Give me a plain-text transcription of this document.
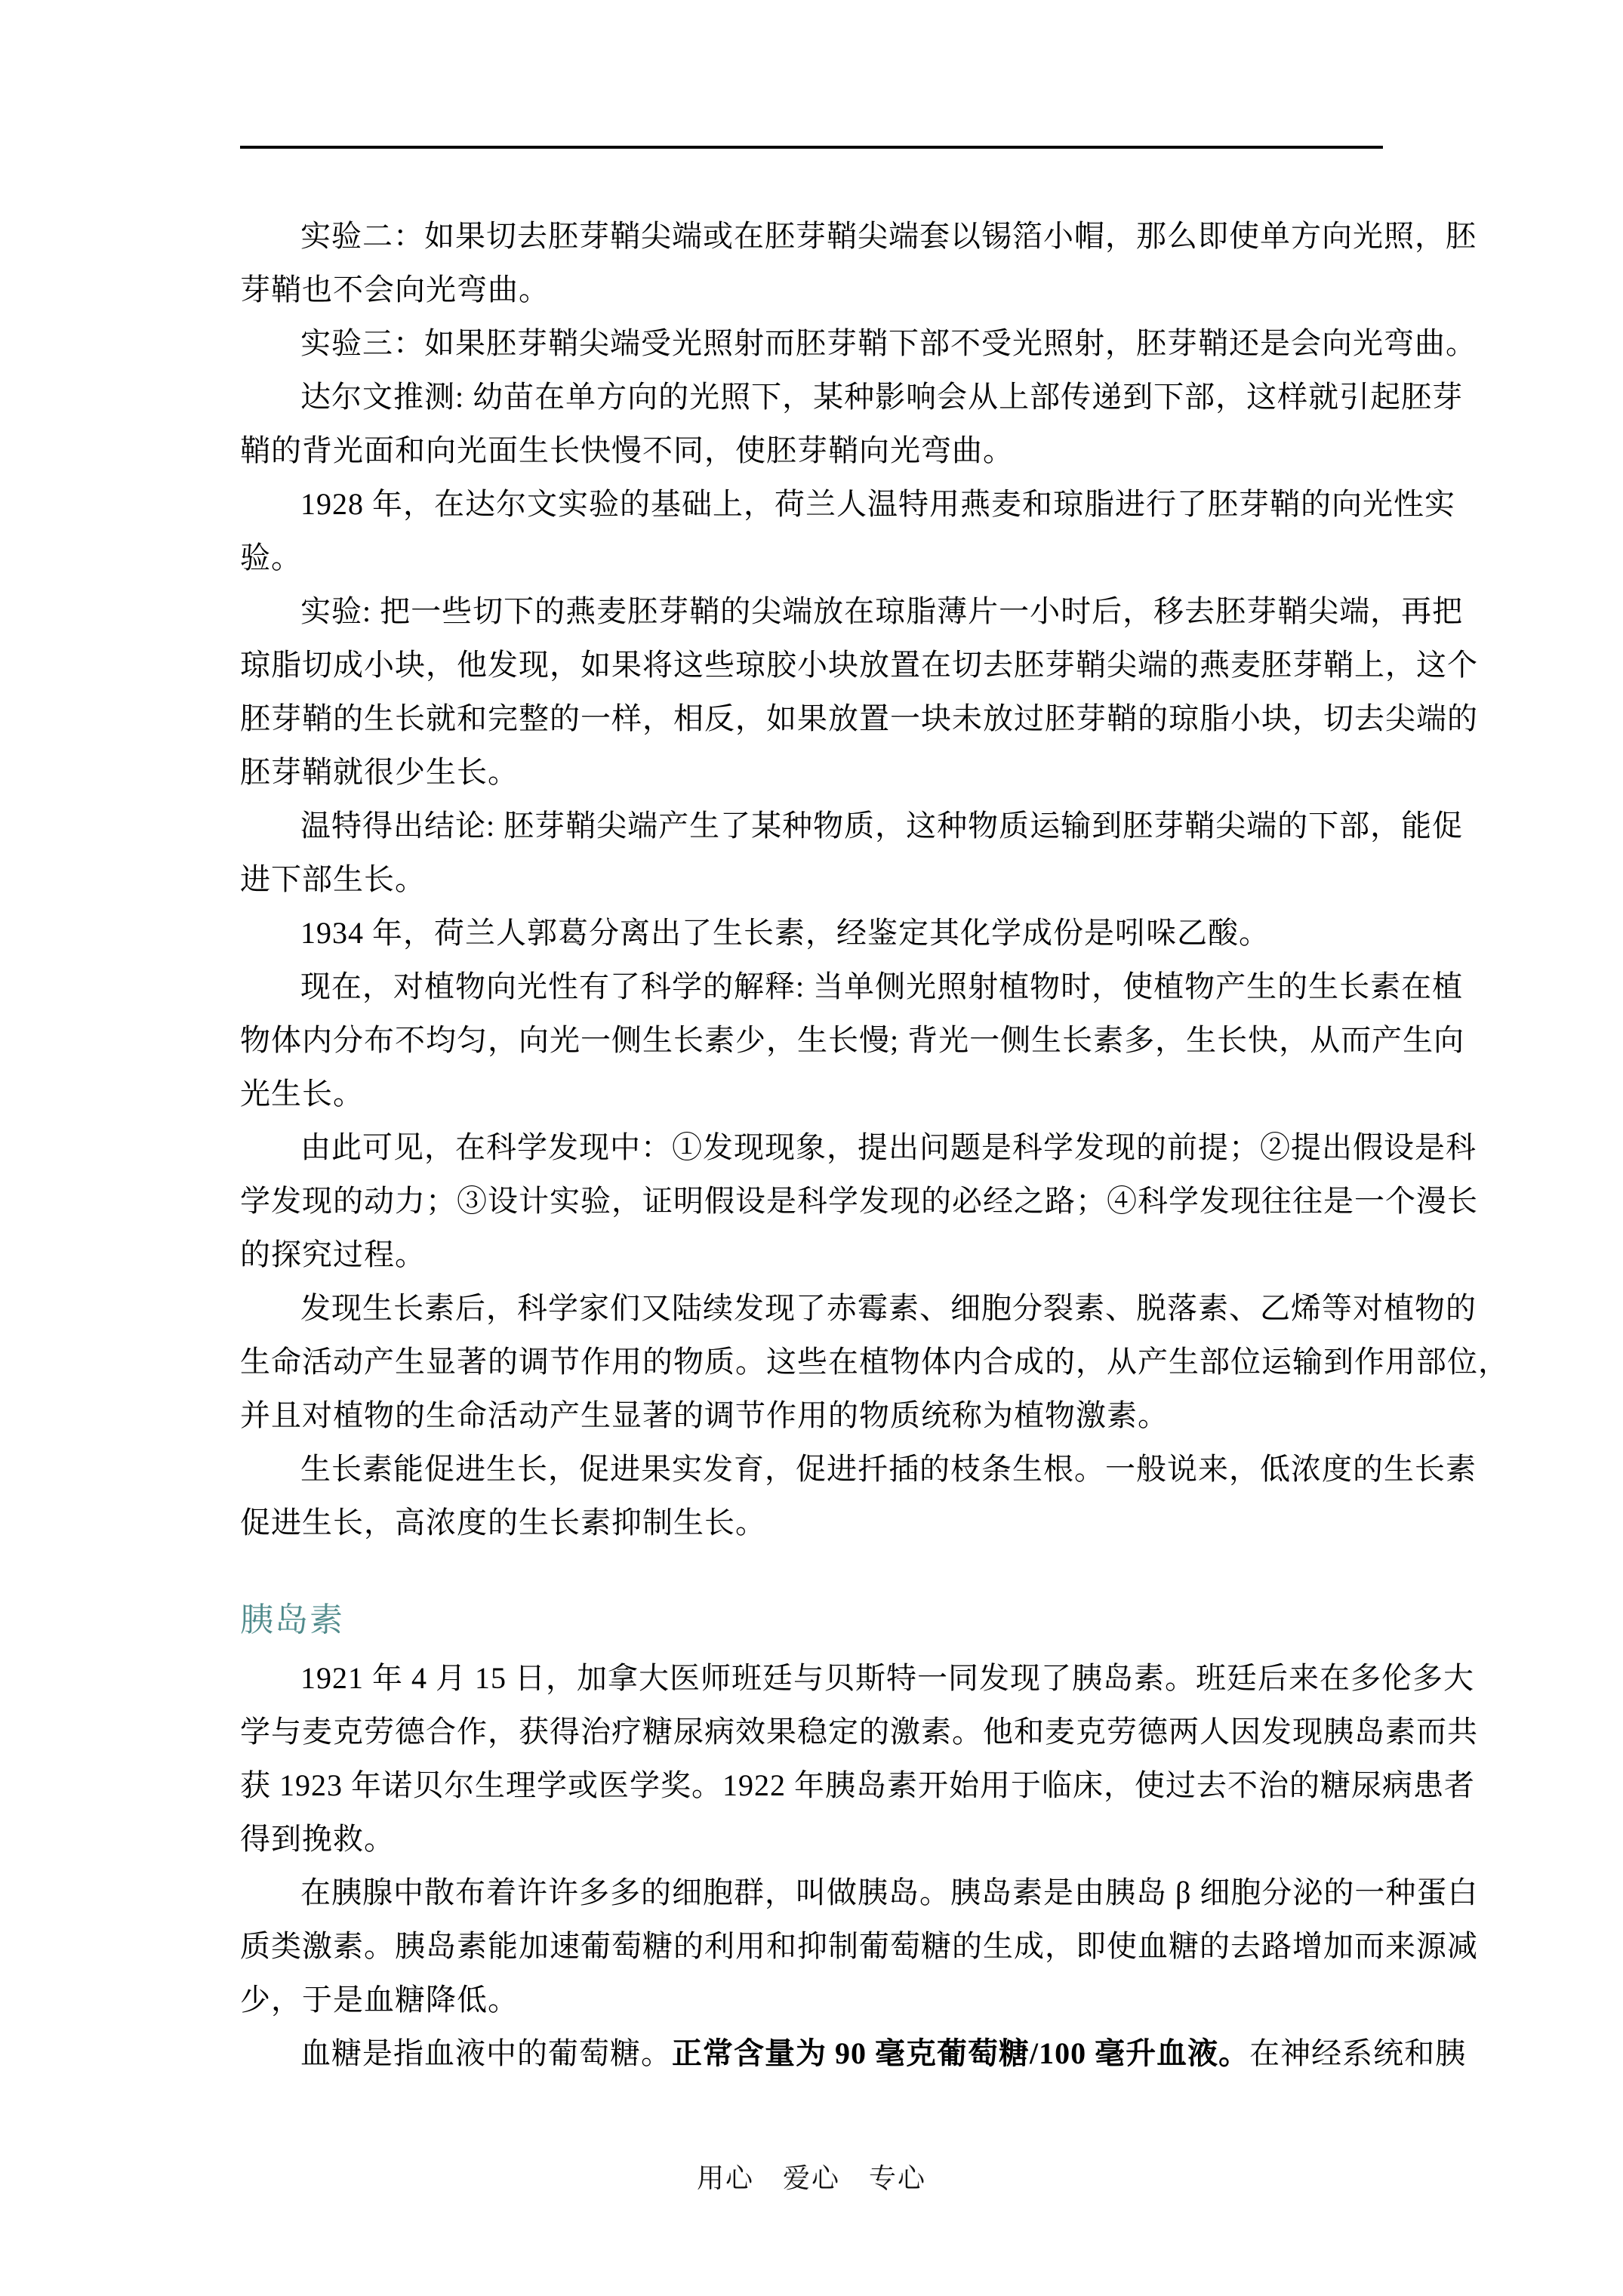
实验二：如果切去胚芽鞘尖端或在胚芽鞘尖端套以锡箔小帽，那么即使单方向光照，胚
芽鞘也不会向光弯曲。
实验三：如果胚芽鞘尖端受光照射而胚芽鞘下部不受光照射，胚芽鞘还是会向光弯曲。
达尔文推测: 幼苗在单方向的光照下，某种影响会从上部传递到下部，这样就引起胚芽
鞘的背光面和向光面生长快慢不同，使胚芽鞘向光弯曲。
1928 年，在达尔文实验的基础上，荷兰人温特用燕麦和琼脂进行了胚芽鞘的向光性实
验。
实验: 把一些切下的燕麦胚芽鞘的尖端放在琼脂薄片一小时后，移去胚芽鞘尖端，再把
琼脂切成小块，他发现，如果将这些琼胶小块放置在切去胚芽鞘尖端的燕麦胚芽鞘上，这个
胚芽鞘的生长就和完整的一样，相反，如果放置一块未放过胚芽鞘的琼脂小块，切去尖端的
胚芽鞘就很少生长。
温特得出结论: 胚芽鞘尖端产生了某种物质，这种物质运输到胚芽鞘尖端的下部，能促
进下部生长。
1934 年，荷兰人郭葛分离出了生长素，经鉴定其化学成份是吲哚乙酸。
现在，对植物向光性有了科学的解释: 当单侧光照射植物时，使植物产生的生长素在植
物体内分布不均匀，向光一侧生长素少，生长慢; 背光一侧生长素多，生长快，从而产生向
光生长。
由此可见，在科学发现中：①发现现象，提出问题是科学发现的前提；②提出假设是科
学发现的动力；③设计实验，证明假设是科学发现的必经之路；④科学发现往往是一个漫长
的探究过程。
发现生长素后，科学家们又陆续发现了赤霉素、细胞分裂素、脱落素、乙烯等对植物的
生命活动产生显著的调节作用的物质。这些在植物体内合成的，从产生部位运输到作用部位，
并且对植物的生命活动产生显著的调节作用的物质统称为植物激素。
生长素能促进生长，促进果实发育，促进扦插的枝条生根。一般说来，低浓度的生长素
促进生长，高浓度的生长素抑制生长。
胰岛素
1921 年 4 月 15 日，加拿大医师班廷与贝斯特一同发现了胰岛素。班廷后来在多伦多大
学与麦克劳德合作，获得治疗糖尿病效果稳定的激素。他和麦克劳德两人因发现胰岛素而共
获 1923 年诺贝尔生理学或医学奖。1922 年胰岛素开始用于临床，使过去不治的糖尿病患者
得到挽救。
在胰腺中散布着许许多多的细胞群，叫做胰岛。胰岛素是由胰岛 β 细胞分泌的一种蛋白
质类激素。胰岛素能加速葡萄糖的利用和抑制葡萄糖的生成，即使血糖的去路增加而来源减
少，于是血糖降低。
血糖是指血液中的葡萄糖。正常含量为 90 毫克葡萄糖/100 毫升血液。在神经系统和胰
用心　爱心　专心
